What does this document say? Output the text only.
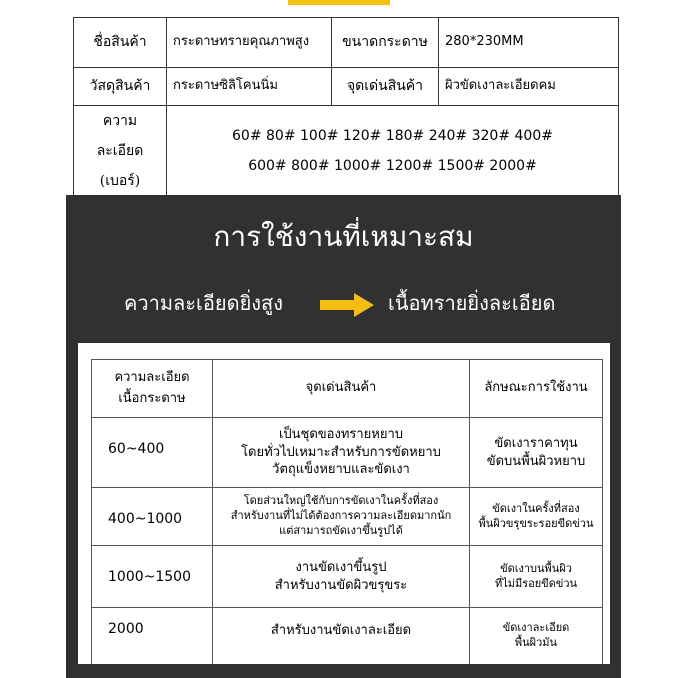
ชื่อสินค้า	กระดาษทรายคุณภาพสูง	ขนาดกระดาษ	280*230MM
วัสดุสินค้า	กระดาษซิลิโคนนิ่ม	จุดเด่นสินค้า	ผิวขัดเงาละเอียดคม

ความละเอียด
(เบอร์)	60# 80# 100# 120# 180# 240# 320# 400#
600# 800# 1000# 1200# 1500# 2000#		
การใช้งานที่เหมาะสม
ความละเอียดยิ่งสูง	เนื้อทรายยิ่งละเอียด
ความละเอียด
เนื้อกระดาษ	จุดเด่นสินค้า	ลักษณะการใช้งาน
60~400	เป็นชุดของทรายหยาบ
โดยทั่วไปเหมาะสำหรับการขัดหยาบ
วัตถุแข็งหยาบและขัดเงา	ขัดเงาราคาทุน
ขัดบนพื้นผิวหยาบ

400~1000	โดยส่วนใหญ่ใช้กับการขัดเงาในครั้งที่สอง
สำหรับงานที่ไม่ได้ต้องการความละเอียดมากนัก
แต่สามารถขัดเงาขึ้นรูปได้	ขัดเงาในครั้งที่สอง
พื้นผิวขรุขระรอยขีดข่วน

1000~1500	งานขัดเงาขึ้นรูป
สำหรับงานขัดผิวขรุขระ	ขัดเงาบนพื้นผิว
ที่ไม่มีรอยขีดข่วน

2000	สำหรับงานขัดเงาละเอียด	ขัดเงาละเอียด
พื้นผิวมัน
